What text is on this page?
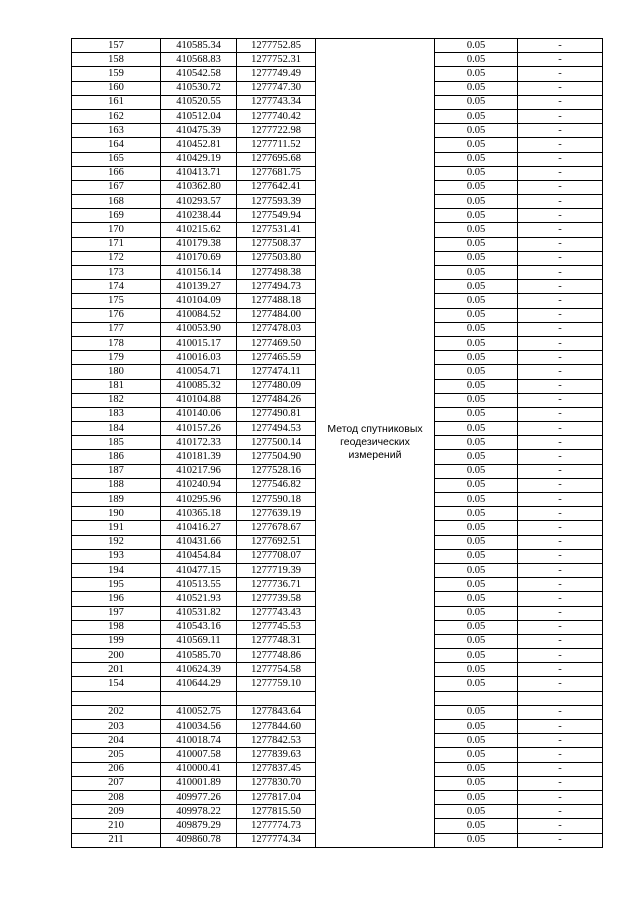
157	410585.34	1277752.85	Метод спутниковых геодезических измерений	0.05	-
158	410568.83	1277752.31		0.05	-
159	410542.58	1277749.49		0.05	-
160	410530.72	1277747.30		0.05	-
161	410520.55	1277743.34		0.05	-
162	410512.04	1277740.42		0.05	-
163	410475.39	1277722.98		0.05	-
164	410452.81	1277711.52		0.05	-
165	410429.19	1277695.68		0.05	-
166	410413.71	1277681.75		0.05	-
167	410362.80	1277642.41		0.05	-
168	410293.57	1277593.39		0.05	-
169	410238.44	1277549.94		0.05	-
170	410215.62	1277531.41		0.05	-
171	410179.38	1277508.37		0.05	-
172	410170.69	1277503.80		0.05	-
173	410156.14	1277498.38		0.05	-
174	410139.27	1277494.73		0.05	-
175	410104.09	1277488.18		0.05	-
176	410084.52	1277484.00		0.05	-
177	410053.90	1277478.03		0.05	-
178	410015.17	1277469.50		0.05	-
179	410016.03	1277465.59		0.05	-
180	410054.71	1277474.11		0.05	-
181	410085.32	1277480.09		0.05	-
182	410104.88	1277484.26		0.05	-
183	410140.06	1277490.81		0.05	-
184	410157.26	1277494.53		0.05	-
185	410172.33	1277500.14		0.05	-
186	410181.39	1277504.90		0.05	-
187	410217.96	1277528.16		0.05	-
188	410240.94	1277546.82		0.05	-
189	410295.96	1277590.18		0.05	-
190	410365.18	1277639.19		0.05	-
191	410416.27	1277678.67		0.05	-
192	410431.66	1277692.51		0.05	-
193	410454.84	1277708.07		0.05	-
194	410477.15	1277719.39		0.05	-
195	410513.55	1277736.71		0.05	-
196	410521.93	1277739.58		0.05	-
197	410531.82	1277743.43		0.05	-
198	410543.16	1277745.53		0.05	-
199	410569.11	1277748.31		0.05	-
200	410585.70	1277748.86		0.05	-
201	410624.39	1277754.58		0.05	-
154	410644.29	1277759.10		0.05	-

202	410052.75	1277843.64		0.05	-
203	410034.56	1277844.60		0.05	-
204	410018.74	1277842.53		0.05	-
205	410007.58	1277839.63		0.05	-
206	410000.41	1277837.45		0.05	-
207	410001.89	1277830.70		0.05	-
208	409977.26	1277817.04		0.05	-
209	409978.22	1277815.50		0.05	-
210	409879.29	1277774.73		0.05	-
211	409860.78	1277774.34		0.05	-
